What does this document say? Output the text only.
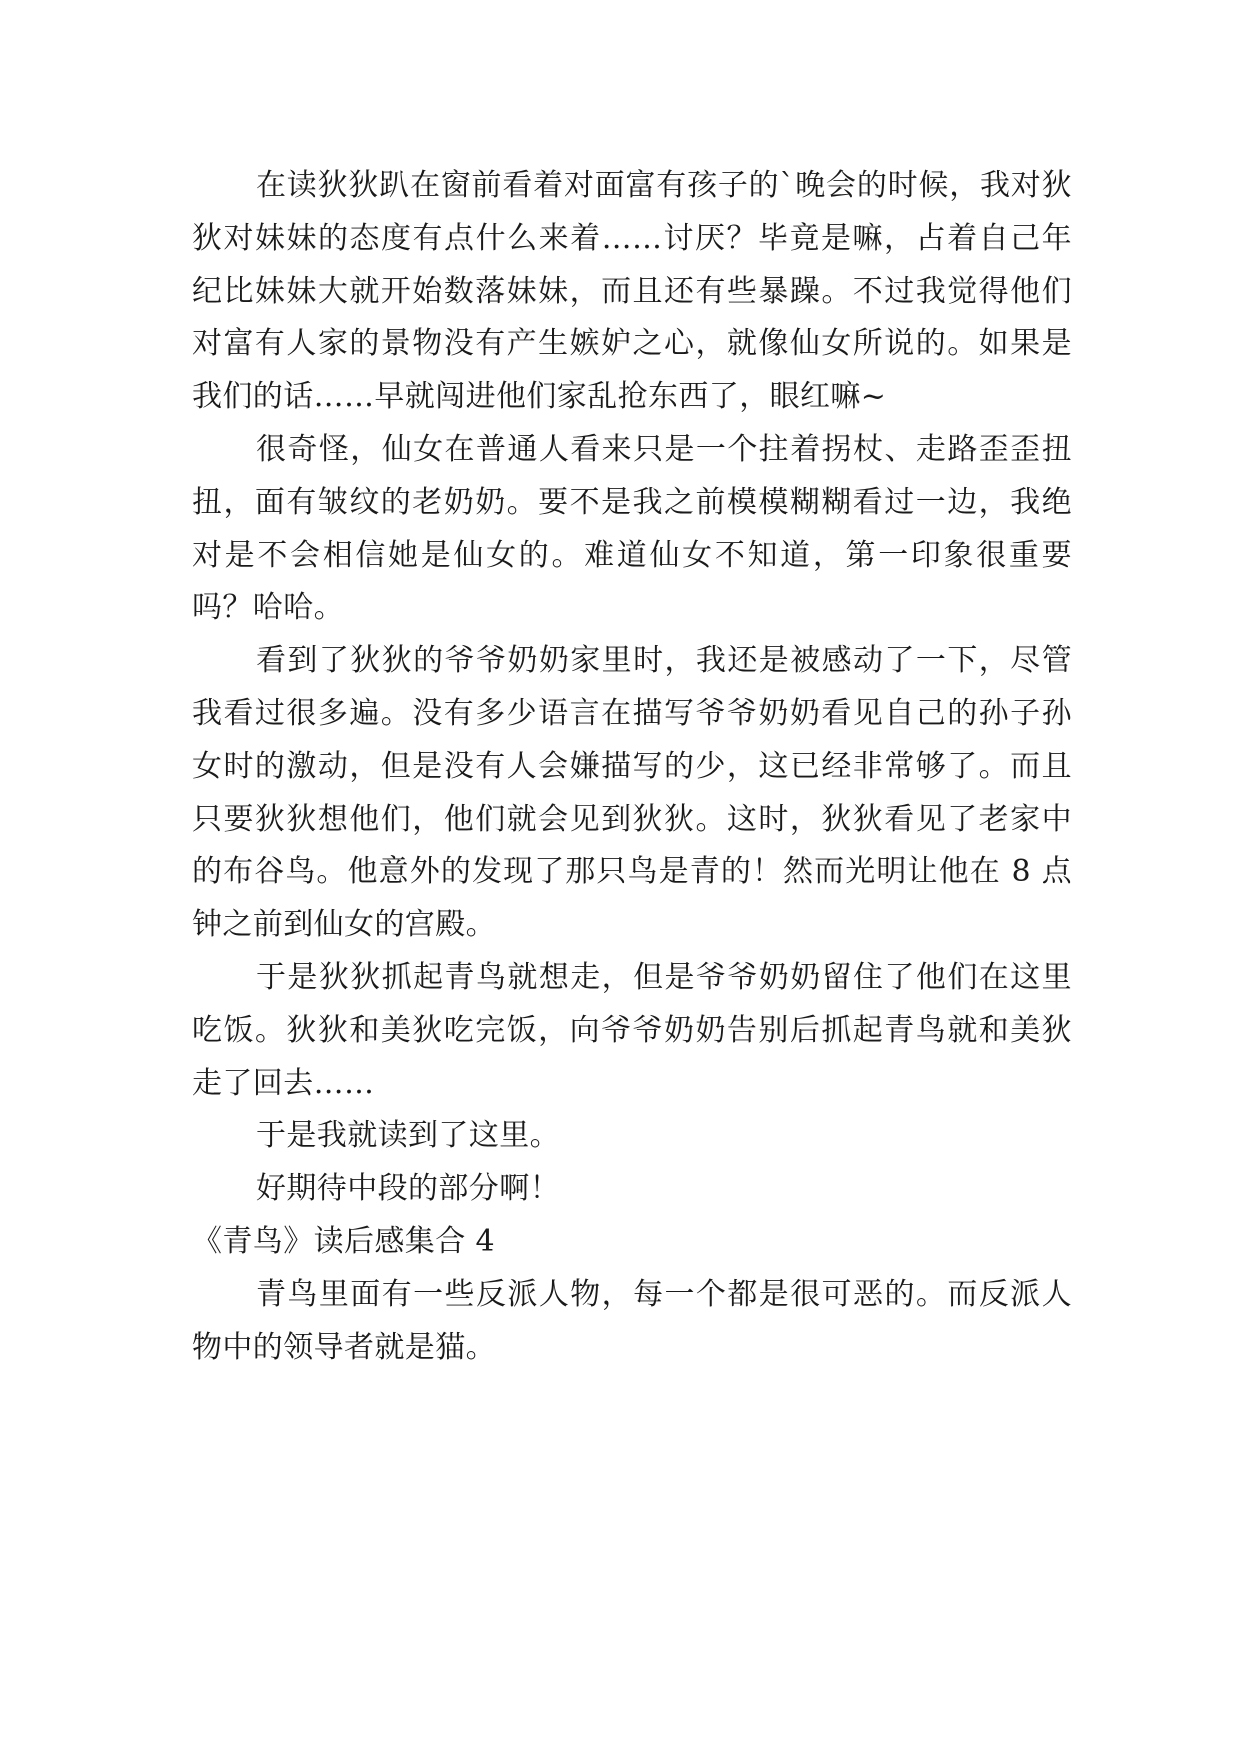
在读狄狄趴在窗前看着对面富有孩子的`晚会的时候，我对狄狄对妹妹的态度有点什么来着……讨厌？毕竟是嘛，占着自己年纪比妹妹大就开始数落妹妹，而且还有些暴躁。不过我觉得他们对富有人家的景物没有产生嫉妒之心，就像仙女所说的。如果是我们的话……早就闯进他们家乱抢东西了，眼红嘛~

很奇怪，仙女在普通人看来只是一个拄着拐杖、走路歪歪扭扭，面有皱纹的老奶奶。要不是我之前模模糊糊看过一边，我绝对是不会相信她是仙女的。难道仙女不知道，第一印象很重要吗？哈哈。

看到了狄狄的爷爷奶奶家里时，我还是被感动了一下，尽管我看过很多遍。没有多少语言在描写爷爷奶奶看见自己的孙子孙女时的激动，但是没有人会嫌描写的少，这已经非常够了。而且只要狄狄想他们，他们就会见到狄狄。这时，狄狄看见了老家中的布谷鸟。他意外的发现了那只鸟是青的！然而光明让他在 8 点钟之前到仙女的宫殿。

于是狄狄抓起青鸟就想走，但是爷爷奶奶留住了他们在这里吃饭。狄狄和美狄吃完饭，向爷爷奶奶告别后抓起青鸟就和美狄走了回去……

于是我就读到了这里。

好期待中段的部分啊！

《青鸟》读后感集合 4

青鸟里面有一些反派人物，每一个都是很可恶的。而反派人物中的领导者就是猫。
